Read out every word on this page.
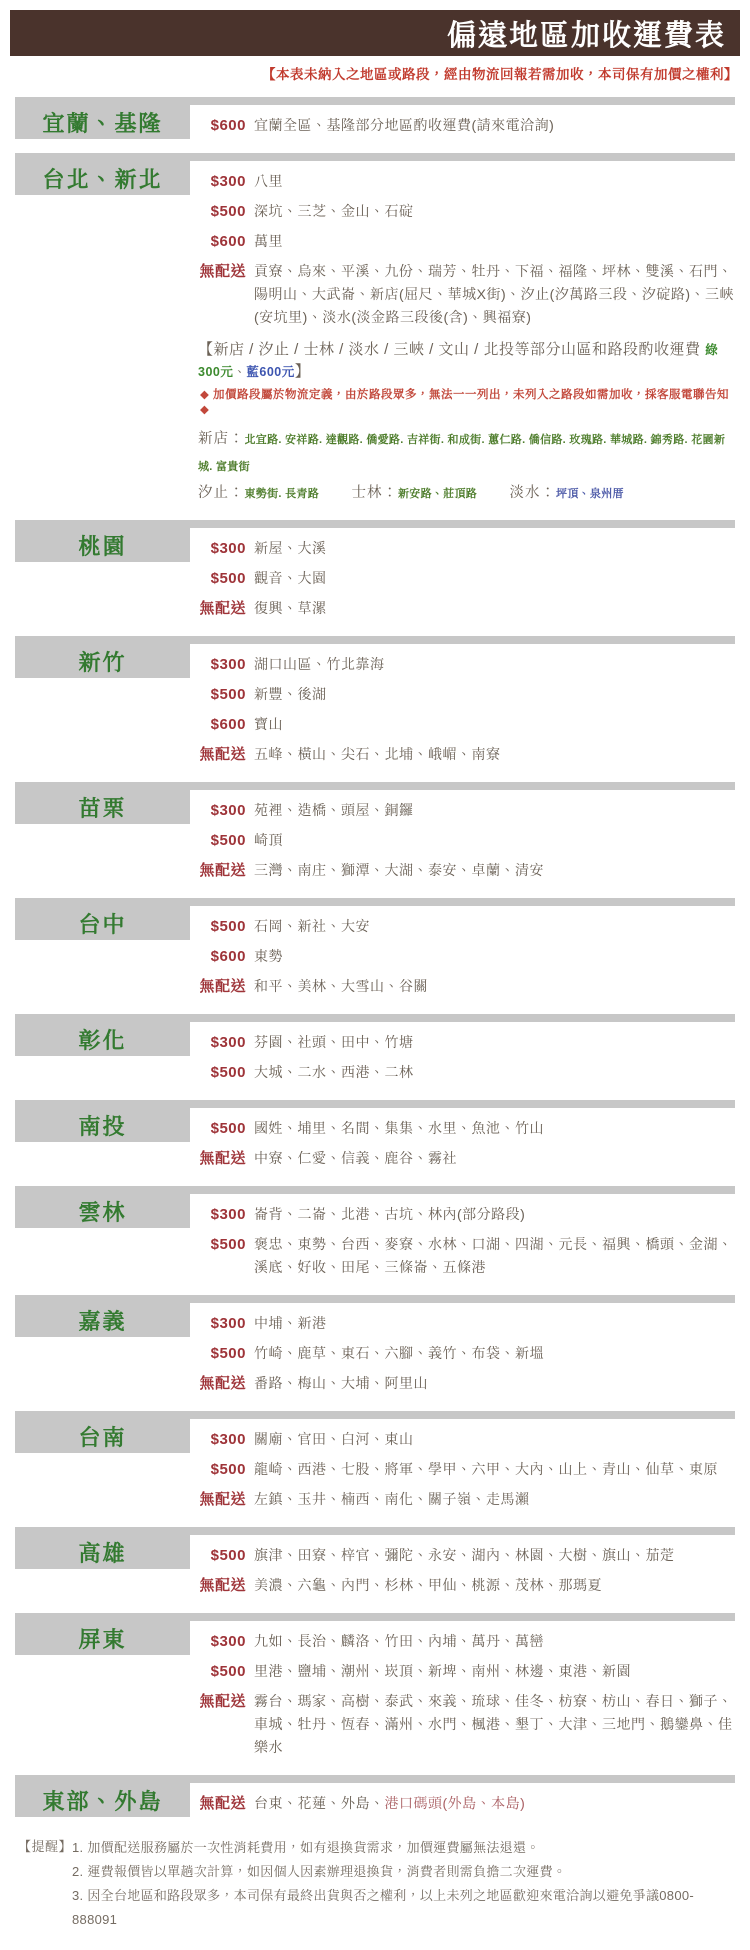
偏遠地區加收運費表
【本表未納入之地區或路段，經由物流回報若需加收，本司保有加價之權利】
宜蘭、基隆	$600 宜蘭全區、基隆部分地區酌收運費(請來電洽詢)
台北、新北	$300 八里
$500 深坑、三芝、金山、石碇
$600 萬里
無配送 貢寮、烏來、平溪、九份、瑞芳、牡丹、下福、福隆、坪林、雙溪、石門、陽明山、大武崙、新店(屈尺、華城X街)、汐止(汐萬路三段、汐碇路)、三峽(安坑里)、淡水(淡金路三段後(含)、興福寮)
【新店 / 汐止 / 士林 / 淡水 / 三峽 / 文山 / 北投等部分山區和路段酌收運費 綠300元、藍600元】
◆ 加價路段屬於物流定義，由於路段眾多，無法一一列出，未列入之路段如需加收，採客服電聯告知 ◆
新店：北宜路. 安祥路. 達觀路. 僑愛路. 吉祥街. 和成街. 蕙仁路. 僑信路. 玫瑰路. 華城路. 錦秀路. 花園新城. 富貴街
汐止：東勢街. 長青路 士林：新安路、莊頂路 淡水：坪頂、泉州厝
桃園	$300 新屋、大溪
$500 觀音、大園
無配送 復興、草漯
新竹	$300 湖口山區、竹北靠海
$500 新豐、後湖
$600 寶山
無配送 五峰、橫山、尖石、北埔、峨嵋、南寮
苗栗	$300 苑裡、造橋、頭屋、銅鑼
$500 崎頂
無配送 三灣、南庄、獅潭、大湖、泰安、卓蘭、清安
台中	$500 石岡、新社、大安
$600 東勢
無配送 和平、美林、大雪山、谷關
彰化	$300 芬園、社頭、田中、竹塘
$500 大城、二水、西港、二林
南投	$500 國姓、埔里、名間、集集、水里、魚池、竹山
無配送 中寮、仁愛、信義、鹿谷、霧社
雲林	$300 崙背、二崙、北港、古坑、林內(部分路段)
$500 褒忠、東勢、台西、麥寮、水林、口湖、四湖、元長、福興、橋頭、金湖、溪底、好收、田尾、三條崙、五條港
嘉義	$300 中埔、新港
$500 竹崎、鹿草、東石、六腳、義竹、布袋、新塭
無配送 番路、梅山、大埔、阿里山
台南	$300 關廟、官田、白河、東山
$500 龍崎、西港、七股、將軍、學甲、六甲、大內、山上、青山、仙草、東原
無配送 左鎮、玉井、楠西、南化、關子嶺、走馬瀨
高雄	$500 旗津、田寮、梓官、彌陀、永安、湖內、林園、大樹、旗山、茄萣
無配送 美濃、六龜、內門、杉林、甲仙、桃源、茂林、那瑪夏
屏東	$300 九如、長治、麟洛、竹田、內埔、萬丹、萬巒
$500 里港、鹽埔、潮州、崁頂、新埤、南州、林邊、東港、新園
無配送 霧台、瑪家、高樹、泰武、來義、琉球、佳冬、枋寮、枋山、春日、獅子、車城、牡丹、恆春、滿州、水門、楓港、墾丁、大津、三地門、鵝鑾鼻、佳樂水
東部、外島 無配送 台東、花蓮、外島、港口碼頭(外島、本島)
【提醒】 1. 加價配送服務屬於一次性消耗費用，如有退換貨需求，加價運費屬無法退還。
2. 運費報價皆以單趟次計算，如因個人因素辦理退換貨，消費者則需負擔二次運費。
3. 因全台地區和路段眾多，本司保有最終出貨與否之權利，以上未列之地區歡迎來電洽詢以避免爭議0800-888091
